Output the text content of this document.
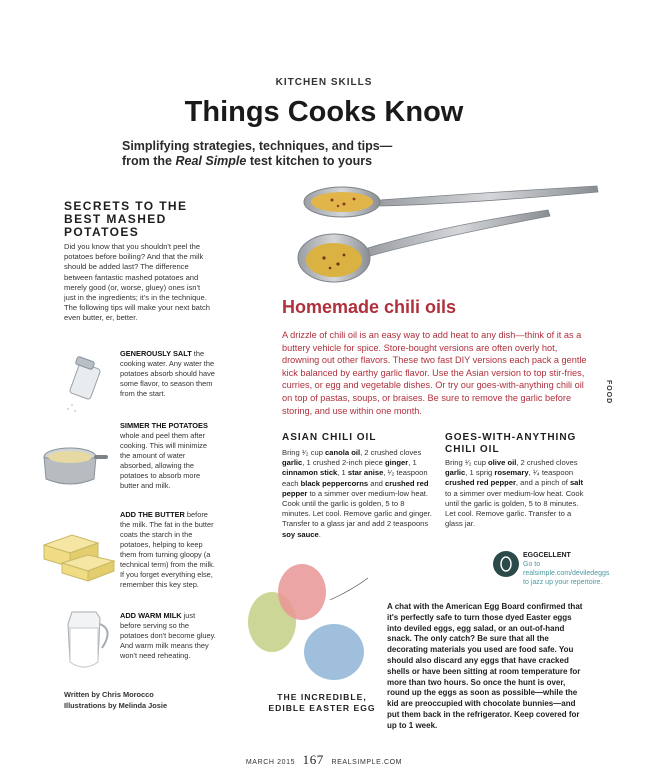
KITCHEN SKILLS
Things Cooks Know
Simplifying strategies, techniques, and tips—
from the Real Simple test kitchen to yours
SECRETS TO THE
BEST MASHED
POTATOES
Did you know that you shouldn't peel the potatoes before boiling? And that the milk should be added last? The difference between fantastic mashed potatoes and merely good (or, worse, gluey) ones isn't just in the ingredients; it's in the technique. The following tips will make your next batch even butter, er, better.
GENEROUSLY SALT the cooking water. Any water the potatoes absorb should have some flavor, to season them from the start.
SIMMER THE POTATOES whole and peel them after cooking. This will minimize the amount of water absorbed, allowing the potatoes to absorb more butter and milk.
ADD THE BUTTER before the milk. The fat in the butter coats the starch in the potatoes, helping to keep them from turning gloopy (a technical term) from the milk. If you forget everything else, remember this key step.
ADD WARM MILK just before serving so the potatoes don't become gluey. And warm milk means they won't need reheating.
Written by Chris Morocco
Illustrations by Melinda Josie
Homemade chili oils
A drizzle of chili oil is an easy way to add heat to any dish—think of it as a buttery vehicle for spice. Store-bought versions are often overly hot, drowning out other flavors. These two fast DIY versions each pack a gentle kick balanced by earthy garlic flavor. Use the Asian version to top stir-fries, curries, or egg and vegetable dishes. Or try our goes-with-anything chili oil on top of pastas, soups, or braises. Be sure to remove the garlic before storing, and use within one month.
ASIAN CHILI OIL
Bring ¹⁄₂ cup canola oil, 2 crushed cloves garlic, 1 crushed 2-inch piece ginger, 1 cinnamon stick, 1 star anise, ¹⁄₂ teaspoon each black peppercorns and crushed red pepper to a simmer over medium-low heat. Cook until the garlic is golden, 5 to 8 minutes. Let cool. Remove garlic and ginger. Transfer to a glass jar and add 2 teaspoons soy sauce.
GOES-WITH-ANYTHING
CHILI OIL
Bring ¹⁄₂ cup olive oil, 2 crushed cloves garlic, 1 sprig rosemary, ¹⁄₄ teaspoon crushed red pepper, and a pinch of salt to a simmer over medium-low heat. Cook until the garlic is golden, 5 to 8 minutes. Let cool. Remove garlic. Transfer to a glass jar.
FOOD
EGGCELLENT
Go to realsimple.com/deviledeggs to jazz up your repertoire.
THE INCREDIBLE,
EDIBLE EASTER EGG
A chat with the American Egg Board confirmed that it's perfectly safe to turn those dyed Easter eggs into deviled eggs, egg salad, or an out-of-hand snack. The only catch? Be sure that all the decorating materials you used are food safe. You should also discard any eggs that have cracked shells or have been sitting at room temperature for more than two hours. So once the hunt is over, round up the eggs as soon as possible—while the kid are preoccupied with chocolate bunnies—and put them back in the refrigerator. Keep covered for up to 1 week.
MARCH 2015 167 REALSIMPLE.COM
